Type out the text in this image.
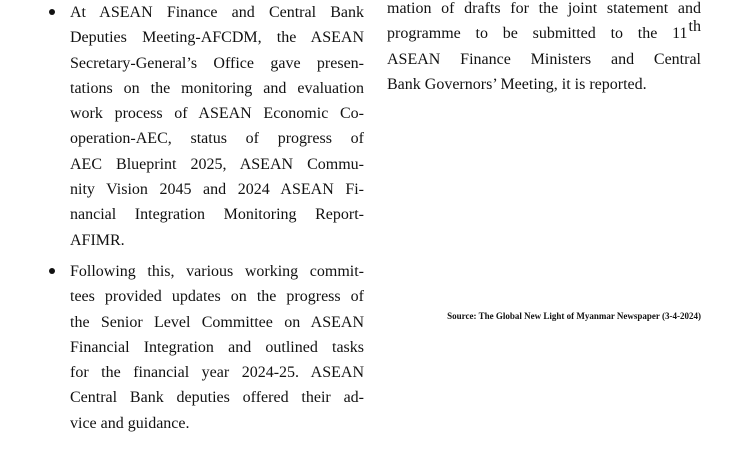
At ASEAN Finance and Central Bank
Deputies Meeting-AFCDM, the ASEAN
Secretary-General’s Office gave presen-
tations on the monitoring and evaluation
work process of ASEAN Economic Co-
operation-AEC, status of progress of
AEC Blueprint 2025, ASEAN Commu-
nity Vision 2045 and 2024 ASEAN Fi-
nancial Integration Monitoring Report-
AFIMR.
Following this, various working commit-
tees provided updates on the progress of
the Senior Level Committee on ASEAN
Financial Integration and outlined tasks
for the financial year 2024-25. ASEAN
Central Bank deputies offered their ad-
vice and guidance.
mation of drafts for the joint statement and
programme to be submitted to the 11th
ASEAN Finance Ministers and Central
Bank Governors’ Meeting, it is reported.
Source: The Global New Light of Myanmar Newspaper (3-4-2024)
